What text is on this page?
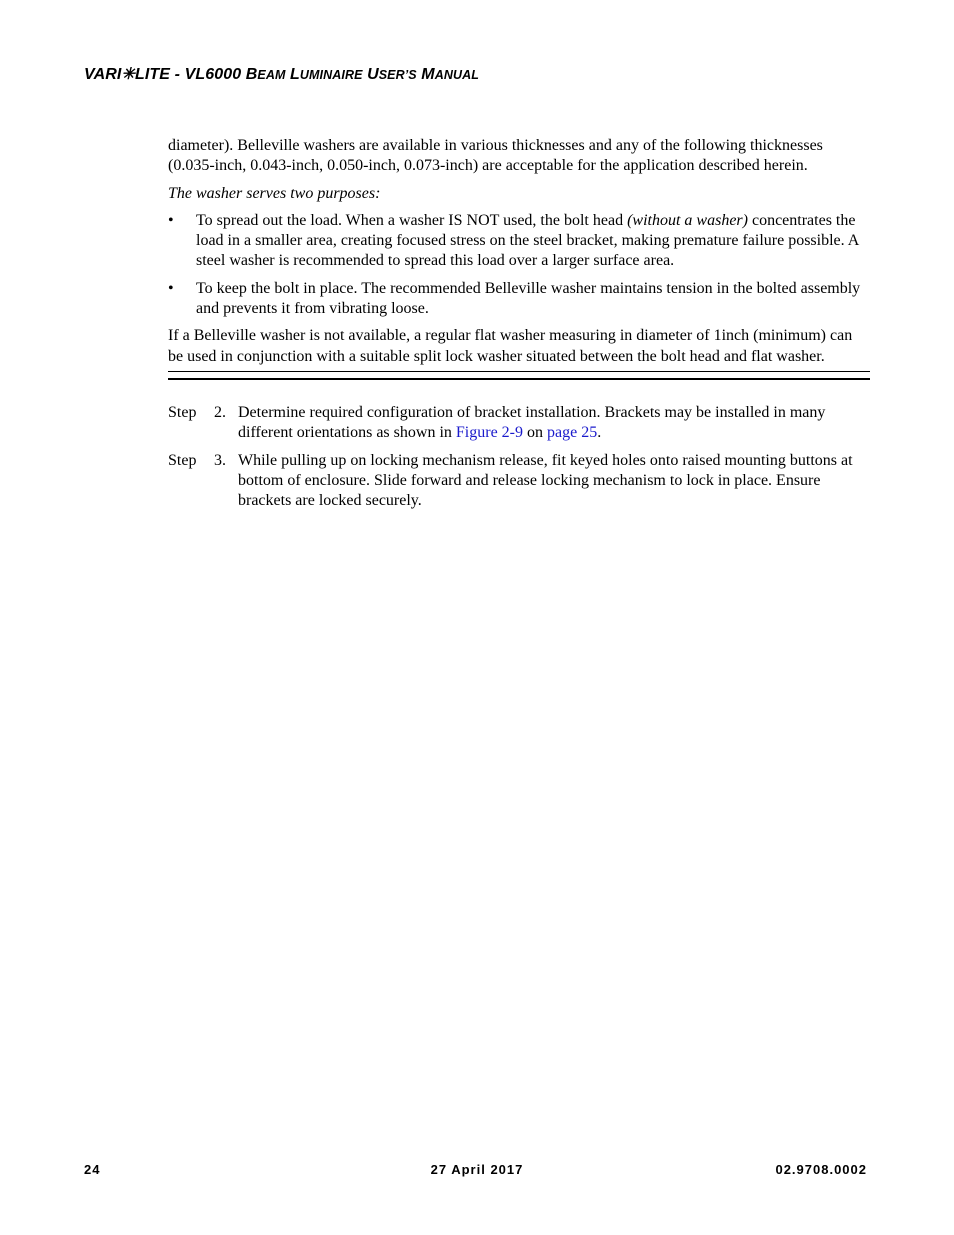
VARI✳LITE - VL6000 BEAM LUMINAIRE USER’S MANUAL

diameter). Belleville washers are available in various thicknesses and any of the following thicknesses (0.035-inch, 0.043-inch, 0.050-inch, 0.073-inch) are acceptable for the application described herein.

The washer serves two purposes:

• To spread out the load. When a washer IS NOT used, the bolt head (without a washer) concentrates the load in a smaller area, creating focused stress on the steel bracket, making premature failure possible. A steel washer is recommended to spread this load over a larger surface area.
• To keep the bolt in place. The recommended Belleville washer maintains tension in the bolted assembly and prevents it from vibrating loose.

If a Belleville washer is not available, a regular flat washer measuring in diameter of 1inch (minimum) can be used in conjunction with a suitable split lock washer situated between the bolt head and flat washer.

Step 2. Determine required configuration of bracket installation. Brackets may be installed in many different orientations as shown in Figure 2-9 on page 25.
Step 3. While pulling up on locking mechanism release, fit keyed holes onto raised mounting buttons at bottom of enclosure. Slide forward and release locking mechanism to lock in place. Ensure brackets are locked securely.
24	27 April 2017	02.9708.0002
